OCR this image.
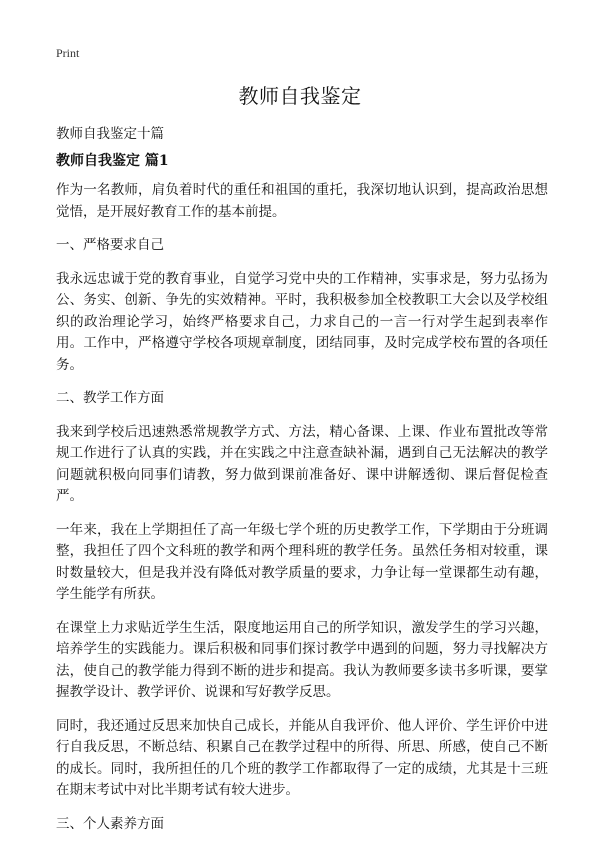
Print
教师自我鉴定
教师自我鉴定十篇
教师自我鉴定 篇1

作为一名教师，肩负着时代的重任和祖国的重托，我深切地认识到，提高政治思想觉悟，是开展好教育工作的基本前提。

一、严格要求自己

我永远忠诚于党的教育事业，自觉学习党中央的工作精神，实事求是，努力弘扬为公、务实、创新、争先的实效精神。平时，我积极参加全校教职工大会以及学校组织的政治理论学习，始终严格要求自己，力求自己的一言一行对学生起到表率作用。工作中，严格遵守学校各项规章制度，团结同事，及时完成学校布置的各项任务。

二、教学工作方面

我来到学校后迅速熟悉常规教学方式、方法，精心备课、上课、作业布置批改等常规工作进行了认真的实践，并在实践之中注意查缺补漏，遇到自己无法解决的教学问题就积极向同事们请教，努力做到课前准备好、课中讲解透彻、课后督促检查严。

一年来，我在上学期担任了高一年级七学个班的历史教学工作，下学期由于分班调整，我担任了四个文科班的教学和两个理科班的教学任务。虽然任务相对较重，课时数量较大，但是我并没有降低对教学质量的要求，力争让每一堂课都生动有趣，学生能学有所获。

在课堂上力求贴近学生生活，限度地运用自己的所学知识，激发学生的学习兴趣，培养学生的实践能力。课后积极和同事们探讨教学中遇到的问题，努力寻找解决方法，使自己的教学能力得到不断的进步和提高。我认为教师要多读书多听课，要掌握教学设计、教学评价、说课和写好教学反思。

同时，我还通过反思来加快自己成长，并能从自我评价、他人评价、学生评价中进行自我反思，不断总结、积累自己在教学过程中的所得、所思、所感，使自己不断的成长。同时，我所担任的几个班的教学工作都取得了一定的成绩，尤其是十三班在期末考试中对比半期考试有较大进步。

三、个人素养方面
